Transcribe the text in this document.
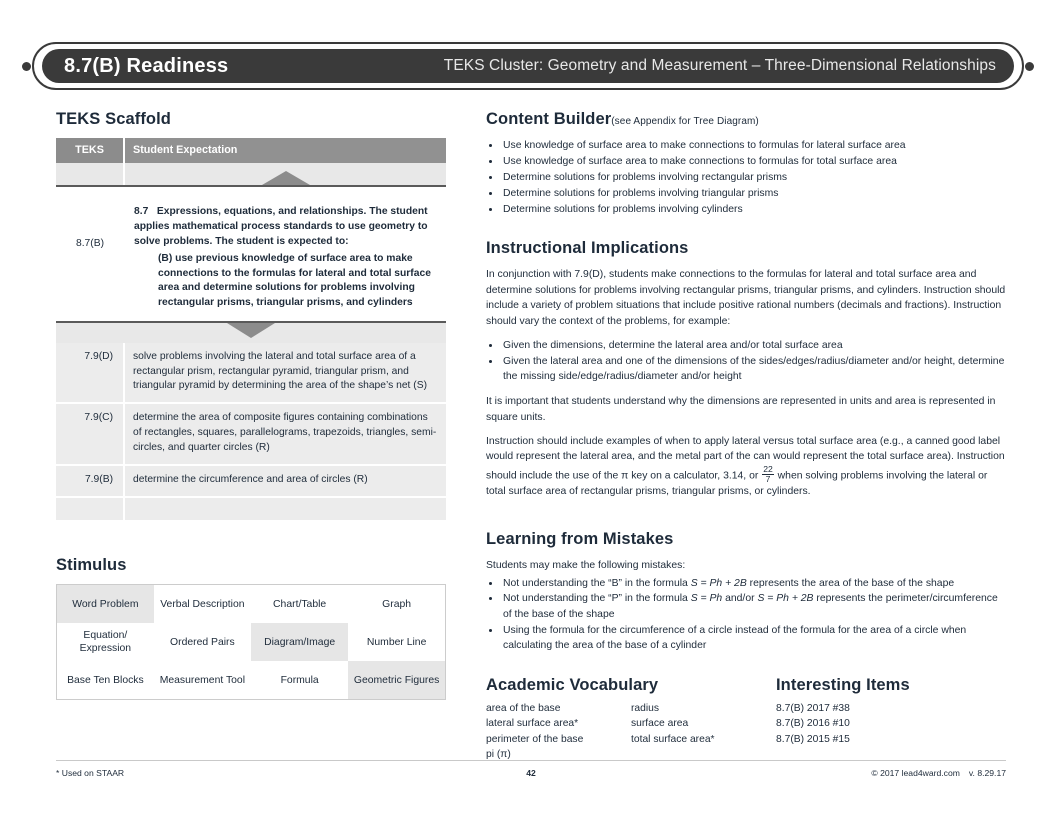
8.7(B) Readiness	TEKS Cluster: Geometry and Measurement – Three-Dimensional Relationships
TEKS Scaffold
TEKS	Student Expectation

8.7(B)	8.7 Expressions, equations, and relationships. The student applies mathematical process standards to use geometry to solve problems. The student is expected to:
(B) use previous knowledge of surface area to make connections to the formulas for lateral and total surface area and determine solutions for problems involving rectangular prisms, triangular prisms, and cylinders
7.9(D)	solve problems involving the lateral and total surface area of a rectangular prism, rectangular pyramid, triangular prism, and triangular pyramid by determining the area of the shape’s net (S)
7.9(C)	determine the area of composite figures containing combinations of rectangles, squares, parallelograms, trapezoids, triangles, semi-circles, and quarter circles (R)
7.9(B)	determine the circumference and area of circles (R)

Stimulus
Word Problem	Verbal Description	Chart/Table	Graph
Equation/ Expression	Ordered Pairs	Diagram/Image	Number Line
Base Ten Blocks	Measurement Tool	Formula	Geometric Figures
Content Builder(see Appendix for Tree Diagram)
• Use knowledge of surface area to make connections to formulas for lateral surface area
• Use knowledge of surface area to make connections to formulas for total surface area
• Determine solutions for problems involving rectangular prisms
• Determine solutions for problems involving triangular prisms
• Determine solutions for problems involving cylinders
Instructional Implications

In conjunction with 7.9(D), students make connections to the formulas for lateral and total surface area and determine solutions for problems involving rectangular prisms, triangular prisms, and cylinders. Instruction should include a variety of problem situations that include positive rational numbers (decimals and fractions). Instruction should vary the context of the problems, for example:

• Given the dimensions, determine the lateral area and/or total surface area
• Given the lateral area and one of the dimensions of the sides/edges/radius/diameter and/or height, determine the missing side/edge/radius/diameter and/or height

It is important that students understand why the dimensions are represented in units and area is represented in square units.

Instruction should include examples of when to apply lateral versus total surface area (e.g., a canned good label would represent the lateral area, and the metal part of the can would represent the total surface area). Instruction should include the use of the π key on a calculator, 3.14, or $\frac{22}{7}$ when solving problems involving the lateral or total surface area of rectangular prisms, triangular prisms, or cylinders.

Learning from Mistakes

Students may make the following mistakes:

• Not understanding the “B” in the formula S = Ph + 2B represents the area of the base of the shape
• Not understanding the “P” in the formula S = Ph and/or S = Ph + 2B represents the perimeter/circumference of the base of the shape
• Using the formula for the circumference of a circle instead of the formula for the area of a circle when calculating the area of the base of a cylinder
Academic Vocabulary
area of the base
lateral surface area*
perimeter of the base
pi (π)
radius
surface area
total surface area*
Interesting Items
8.7(B) 2017 #38
8.7(B) 2016 #10
8.7(B) 2015 #15
* Used on STAAR	42	© 2017 lead4ward.com v. 8.29.17
